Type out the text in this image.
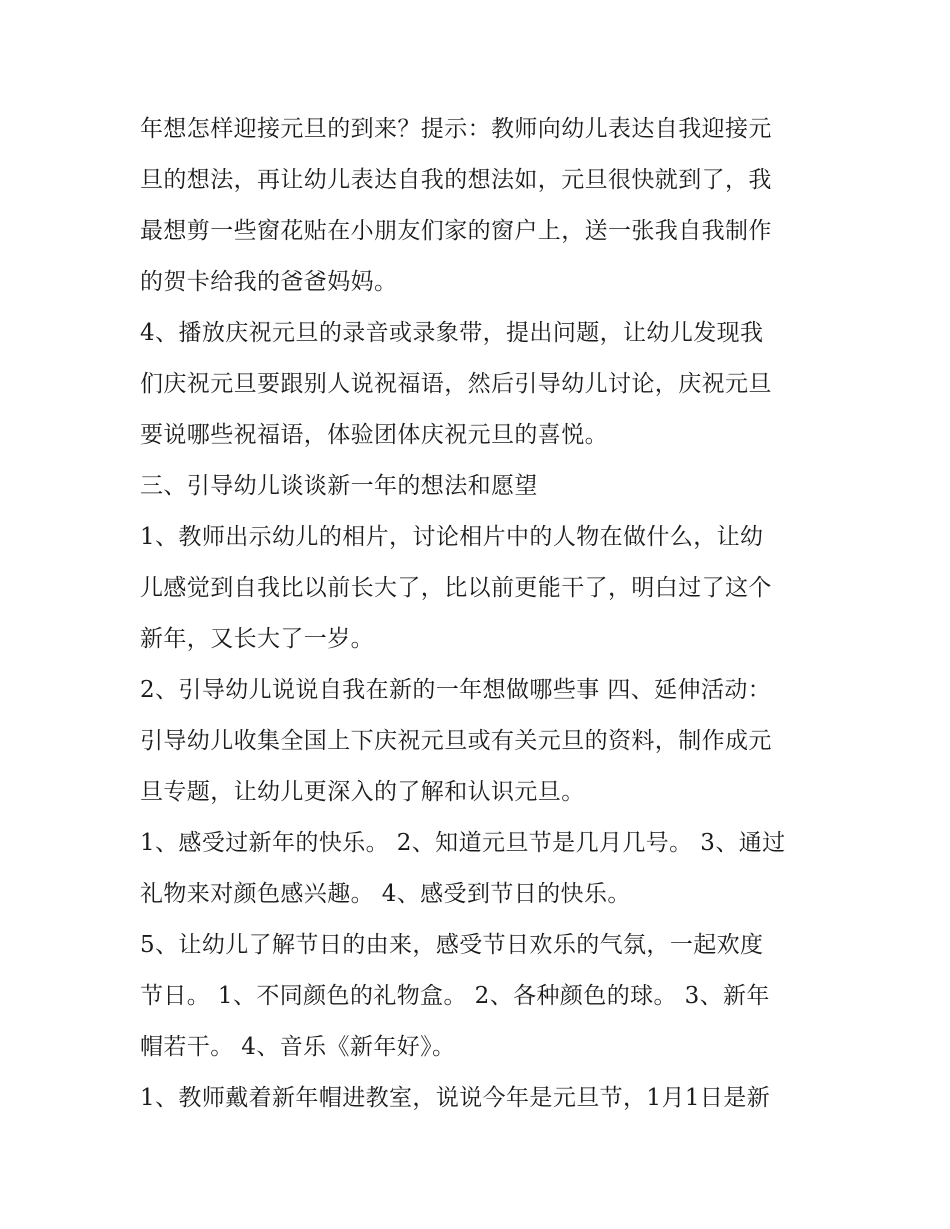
年想怎样迎接元旦的到来？提示：教师向幼儿表达自我迎接元
旦的想法，再让幼儿表达自我的想法如，元旦很快就到了，我
最想剪一些窗花贴在小朋友们家的窗户上，送一张我自我制作
的贺卡给我的爸爸妈妈。
4、播放庆祝元旦的录音或录象带，提出问题，让幼儿发现我
们庆祝元旦要跟别人说祝福语，然后引导幼儿讨论，庆祝元旦
要说哪些祝福语，体验团体庆祝元旦的喜悦。
三、引导幼儿谈谈新一年的想法和愿望
1、教师出示幼儿的相片，讨论相片中的人物在做什么，让幼
儿感觉到自我比以前长大了，比以前更能干了，明白过了这个
新年，又长大了一岁。
2、引导幼儿说说自我在新的一年想做哪些事 四、延伸活动：
引导幼儿收集全国上下庆祝元旦或有关元旦的资料，制作成元
旦专题，让幼儿更深入的了解和认识元旦。
1、感受过新年的快乐。 2、知道元旦节是几月几号。 3、通过
礼物来对颜色感兴趣。 4、感受到节日的快乐。
5、让幼儿了解节日的由来，感受节日欢乐的气氛，一起欢度
节日。 1、不同颜色的礼物盒。 2、各种颜色的球。 3、新年
帽若干。 4、音乐《新年好》。
1、教师戴着新年帽进教室，说说今年是元旦节，1月1日是新
